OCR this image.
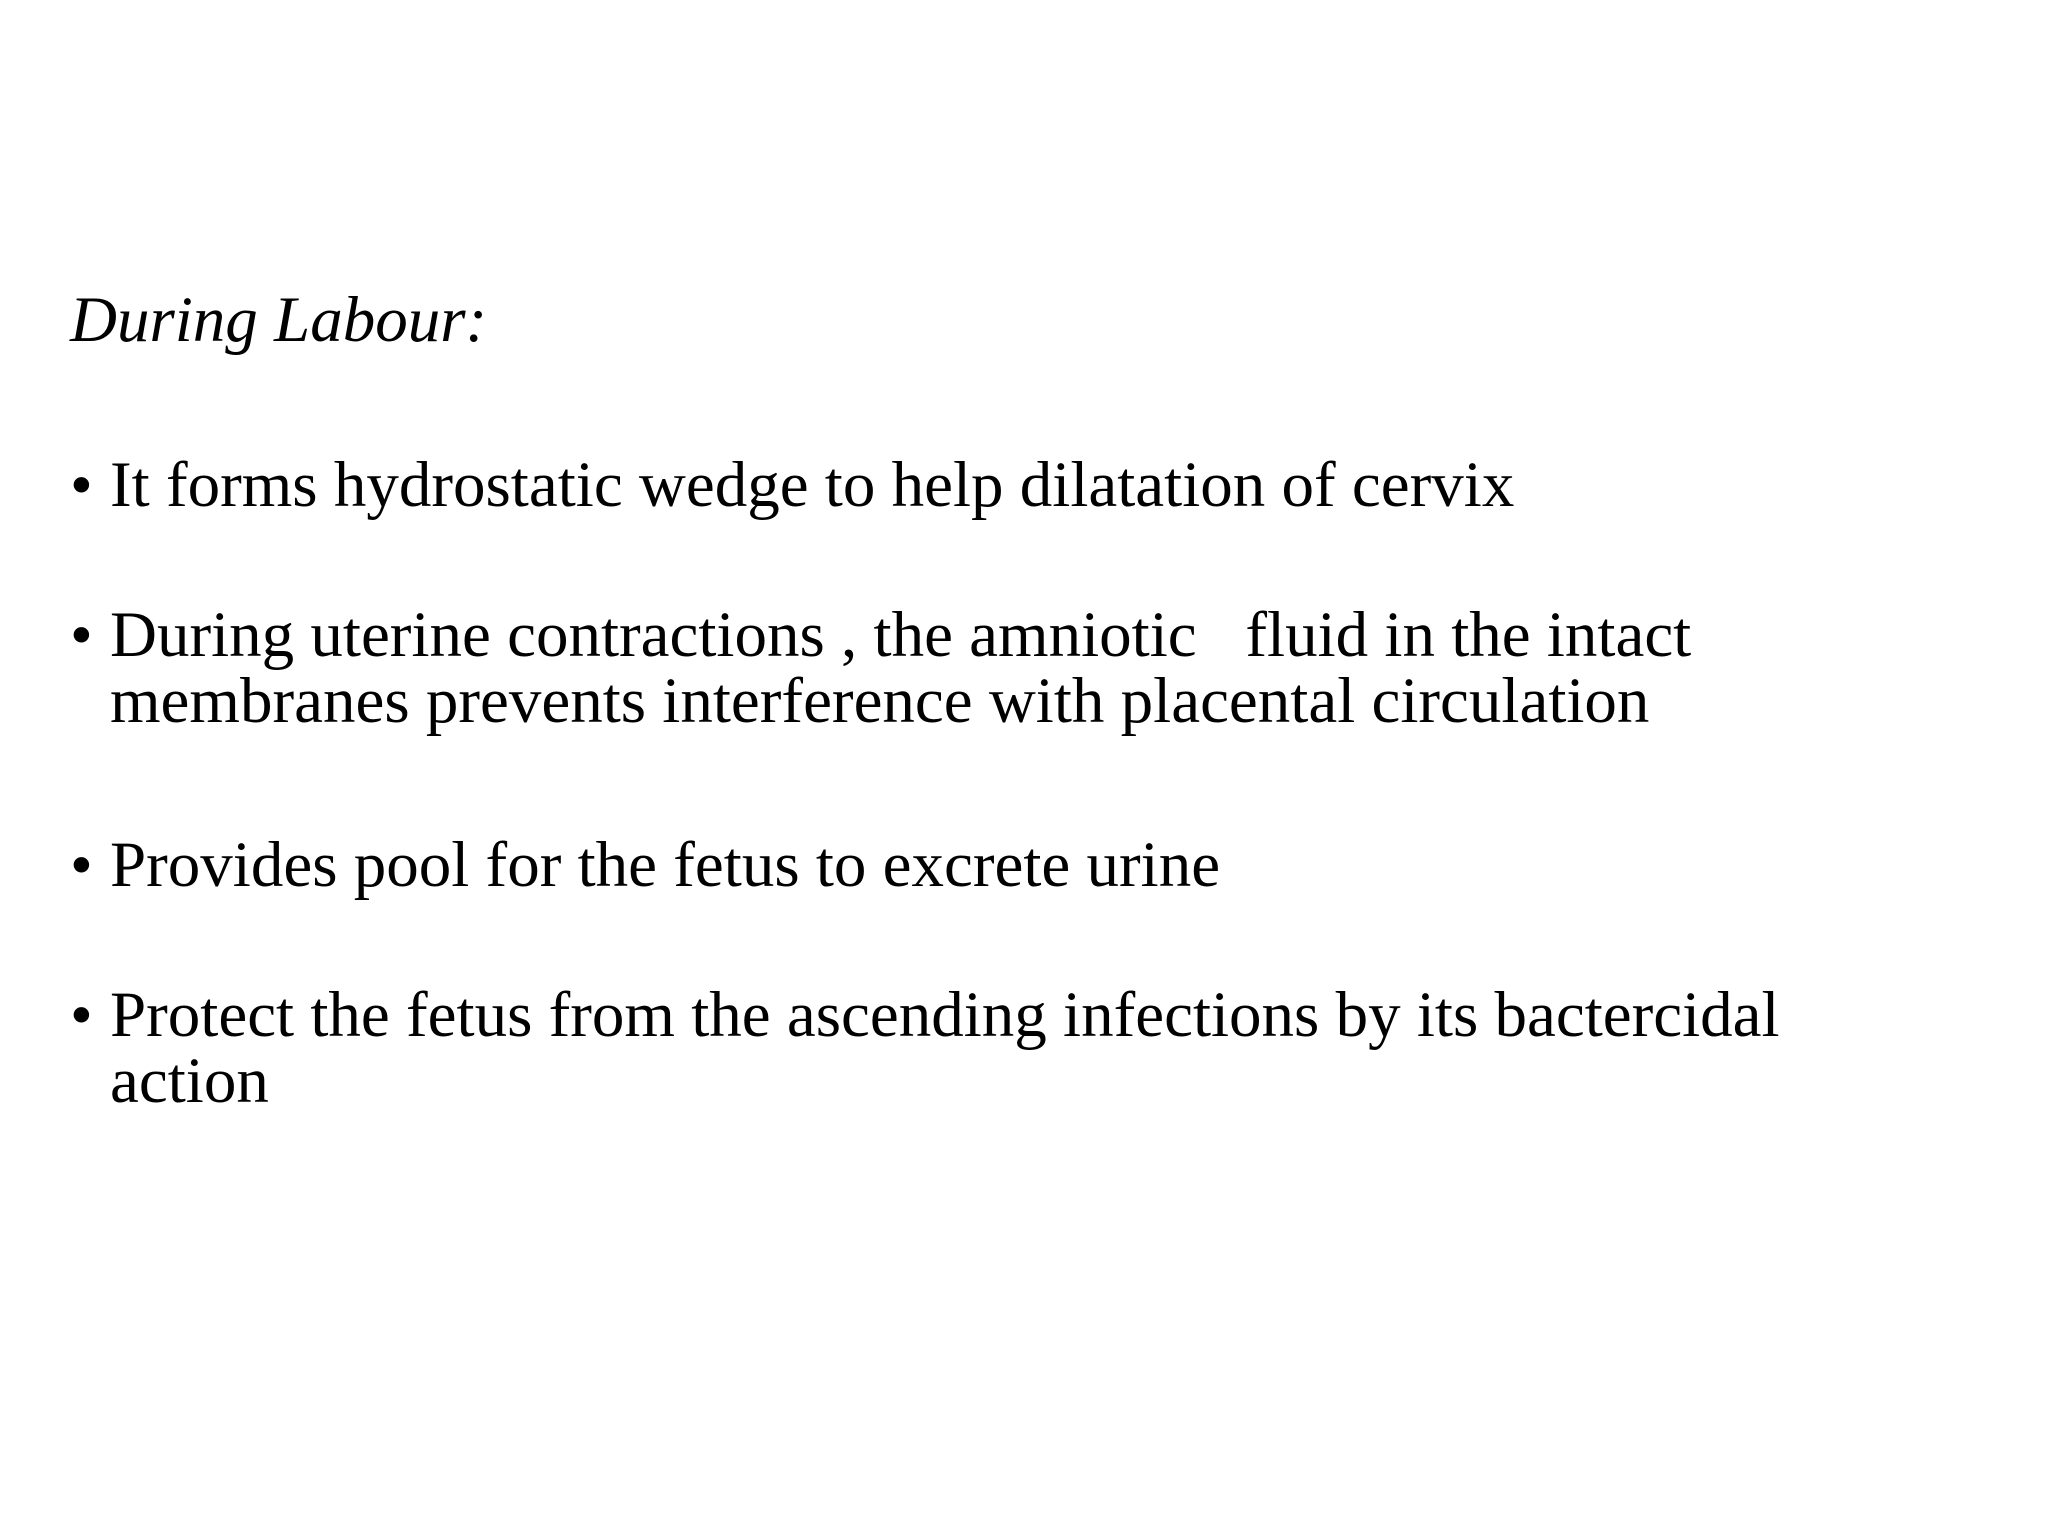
During Labour:
• It forms hydrostatic wedge to help dilatation of cervix
• During uterine contractions , the amniotic   fluid in the intact
membranes prevents interference with placental circulation
• Provides pool for the fetus to excrete urine
• Protect the fetus from the ascending infections by its bactercidal
action
